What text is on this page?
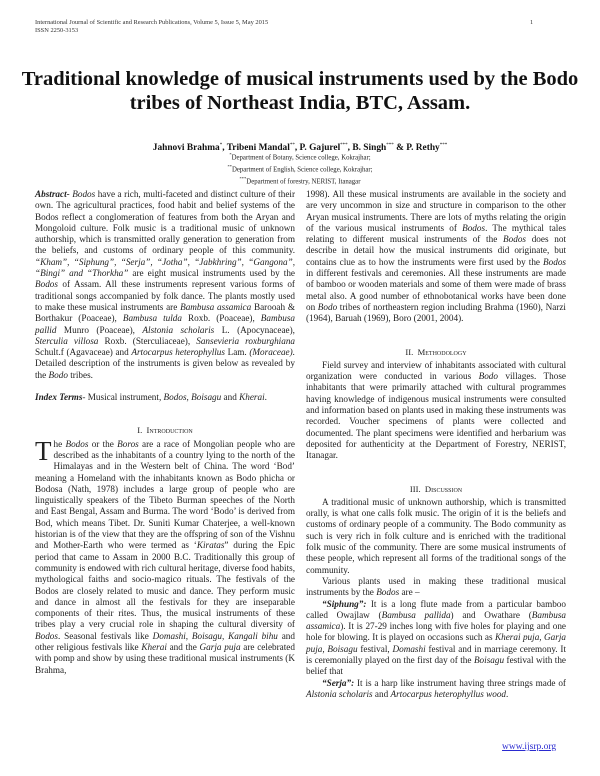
International Journal of Scientific and Research Publications, Volume 5, Issue 5, May 2015
ISSN 2250-3153
1
Traditional knowledge of musical instruments used by the Bodo tribes of Northeast India, BTC, Assam.
Jahnovi Brahma*, Tribeni Mandal**, P. Gajurel***, B. Singh*** & P. Rethy***
*Department of Botany, Science college, Kokrajhar;
**Department of English, Science college, Kokrajhar;
***Department of forestry, NERIST, Itanagar

Abstract- Bodos have a rich, multi-faceted and distinct culture of their own. The agricultural practices, food habit and belief systems of the Bodos reflect a conglomeration of features from both the Aryan and Mongoloid culture. Folk music is a traditional music of unknown authorship, which is transmitted orally generation to generation from the beliefs, and customs of ordinary people of this community. “Kham”, “Siphung”, “Serja”, “Jotha”, “Jabkhring”, “Gangona”, “Bingi” and “Thorkha” are eight musical instruments used by the Bodos of Assam. All these instruments represent various forms of traditional songs accompanied by folk dance. The plants mostly used to make these musical instruments are Bambusa assamica Barooah & Borthakur (Poaceae), Bambusa tulda Roxb. (Poaceae), Bambusa pallid Munro (Poaceae), Alstonia scholaris L. (Apocynaceae), Sterculia villosa Roxb. (Sterculiaceae), Sansevieria roxburghiana Schult.f (Agavaceae) and Artocarpus heterophyllus Lam. (Moraceae). Detailed description of the instruments is given below as revealed by the Bodo tribes.

Index Terms- Musical instrument, Bodos, Boisagu and Kherai.

I. Introduction

The Bodos or the Boros are a race of Mongolian people who are described as the inhabitants of a country lying to the north of the Himalayas and in the Western belt of China. The word ‘Bod’ meaning a Homeland with the inhabitants known as Bodo phicha or Bodosa (Nath, 1978) includes a large group of people who are linguistically speakers of the Tibeto Burman speeches of the North and East Bengal, Assam and Burma. The word ‘Bodo’ is derived from Bod, which means Tibet. Dr. Suniti Kumar Chaterjee, a well-known historian is of the view that they are the offspring of son of the Vishnu and Mother-Earth who were termed as ‘Kiratas” during the Epic period that came to Assam in 2000 B.C. Traditionally this group of community is endowed with rich cultural heritage, diverse food habits, mythological faiths and socio-magico rituals. The festivals of the Bodos are closely related to music and dance. They perform music and dance in almost all the festivals for they are inseparable components of their rites. Thus, the musical instruments of these tribes play a very crucial role in shaping the cultural diversity of Bodos. Seasonal festivals like Domashi, Boisagu, Kangali bihu and other religious festivals like Kherai and the Garja puja are celebrated with pomp and show by using these traditional musical instruments (K Brahma,

1998). All these musical instruments are available in the society and are very uncommon in size and structure in comparison to the other Aryan musical instruments. There are lots of myths relating the origin of the various musical instruments of Bodos. The mythical tales relating to different musical instruments of the Bodos does not describe in detail how the musical instruments did originate, but contains clue as to how the instruments were first used by the Bodos in different festivals and ceremonies. All these instruments are made of bamboo or wooden materials and some of them were made of brass metal also. A good number of ethnobotanical works have been done on Bodo tribes of northeastern region including Brahma (1960), Narzi (1964), Baruah (1969), Boro (2001, 2004).

II. Methodology

Field survey and interview of inhabitants associated with cultural organization were conducted in various Bodo villages. Those inhabitants that were primarily attached with cultural programmes having knowledge of indigenous musical instruments were consulted and information based on plants used in making these instruments was recorded. Voucher specimens of plants were collected and documented. The plant specimens were identified and herbarium was deposited for authenticity at the Department of Forestry, NERIST, Itanagar.

III. Discussion

A traditional music of unknown authorship, which is transmitted orally, is what one calls folk music. The origin of it is the beliefs and customs of ordinary people of a community. The Bodo community as such is very rich in folk culture and is enriched with the traditional folk music of the community. There are some musical instruments of these people, which represent all forms of the traditional songs of the community.

Various plants used in making these traditional musical instruments by the Bodos are –

“Siphung”: It is a long flute made from a particular bamboo called Owajlaw (Bambusa pallida) and Owathare (Bambusa assamica). It is 27-29 inches long with five holes for playing and one hole for blowing. It is played on occasions such as Kherai puja, Garja puja, Boisagu festival, Domashi festival and in marriage ceremony. It is ceremonially played on the first day of the Boisagu festival with the belief that

“Serja”: It is a harp like instrument having three strings made of Alstonia scholaris and Artocarpus heterophyllus wood.

www.ijsrp.org
